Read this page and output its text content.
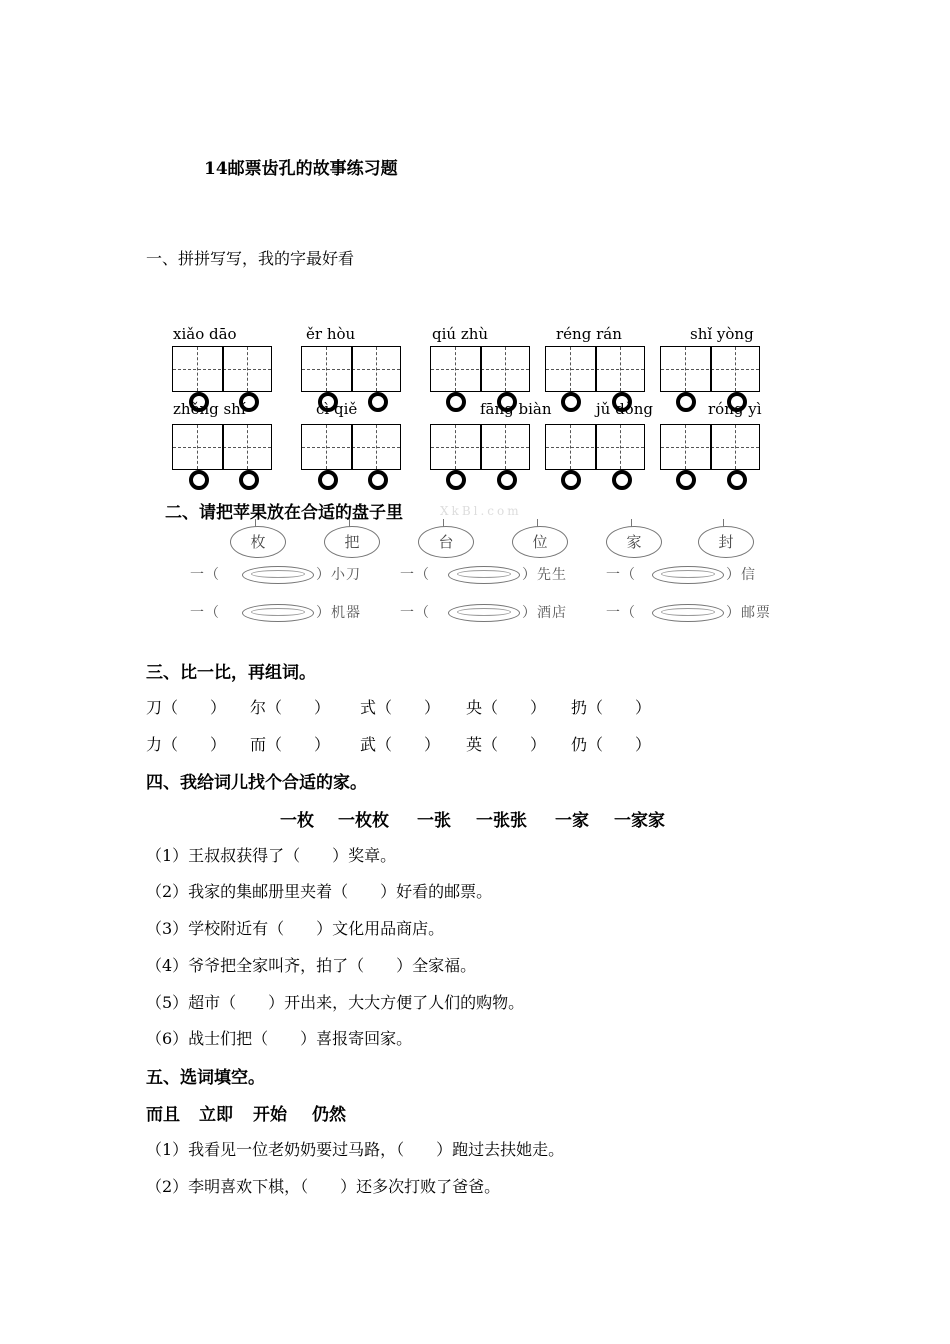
14邮票齿孔的故事练习题
一、拼拼写写，我的字最好看
xiǎo dāo	ěr hòu	qiú zhù	réng rán	shǐ yòng
zhěng shí	cì qiě	fāng biàn	jǔ dòng	róng yì
二、请把苹果放在合适的盘子里	XkBl.com
枚	把	台	位	家	封
一（	）小刀	一（	）先生	一（	）信
一（	）机器	一（	）酒店	一（	）邮票
三、比一比，再组词。
刀（　　） 尔（　　） 式（　　） 央（　　） 扔（　　）
力（　　） 而（　　） 武（　　） 英（　　） 仍（　　）
四、我给词儿找个合适的家。
一枚 一枚枚 一张 一张张 一家 一家家
（1）王叔叔获得了（　　）奖章。
（2）我家的集邮册里夹着（　　）好看的邮票。
（3）学校附近有（　　）文化用品商店。
（4）爷爷把全家叫齐，拍了（　　）全家福。
（5）超市（　　）开出来，大大方便了人们的购物。
（6）战士们把（　　）喜报寄回家。
五、选词填空。
而且 立即 开始 仍然
（1）我看见一位老奶奶要过马路，（　　）跑过去扶她走。
（2）李明喜欢下棋，（　　）还多次打败了爸爸。
